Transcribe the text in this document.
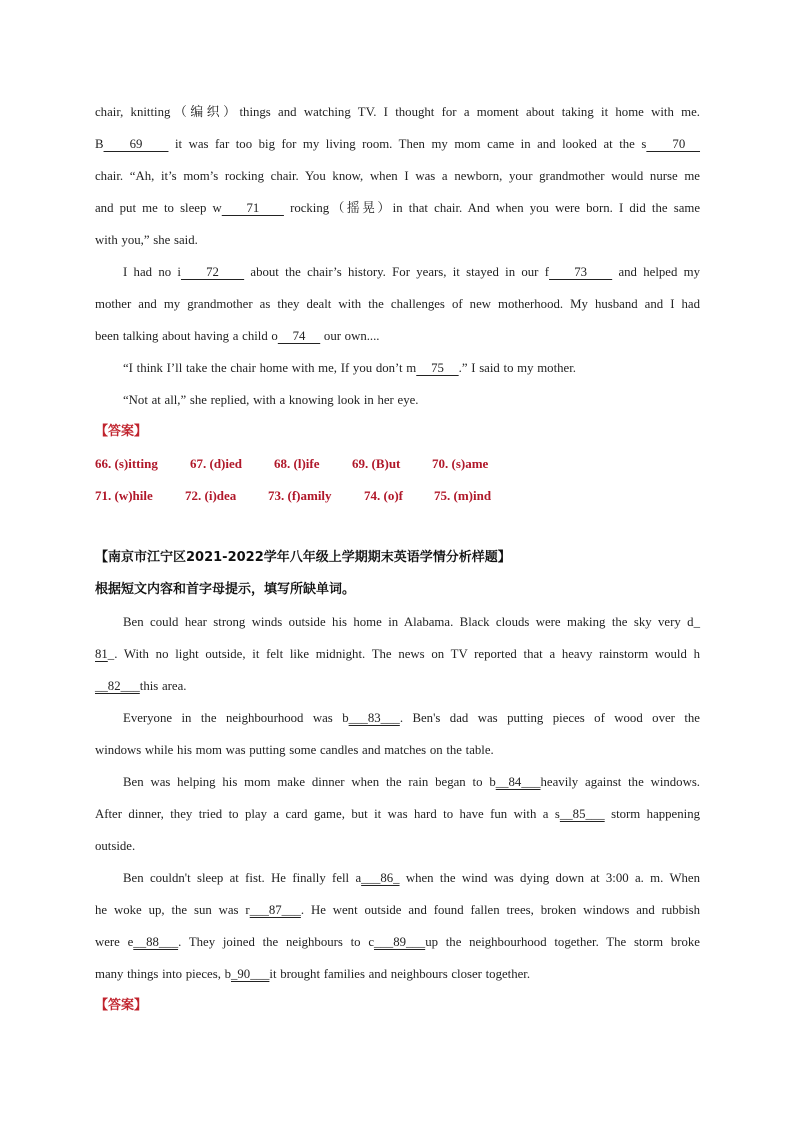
chair, knitting（编织）things and watching TV. I thought for a moment about taking it home with me.

B    69     it was far too big for my living room. Then my mom came in and looked at the s    70

chair. “Ah, it’s mom’s rocking chair. You know, when I was a newborn, your grandmother would nurse me

and put me to sleep w    71     rocking（摇晃）in that chair. And when you were born. I did the same

with you,” she said.

I had no i    72     about the chair’s history. For years, it stayed in our f    73     and helped my

mother and my grandmother as they dealt with the challenges of new motherhood. My husband and I had

been talking about having a child o    74     our own....

“I think I’ll take the chair home with me, If you don’t m    75    .” I said to my mother.

“Not at all,” she replied, with a knowing look in her eye.

【答案】
66. (s)itting	67. (d)ied	68. (l)ife	69. (B)ut	70. (s)ame
71. (w)hile	72. (i)dea	73. (f)amily	74. (o)f	75. (m)ind
【南京市江宁区2021-2022学年八年级上学期期末英语学情分析样题】
根据短文内容和首字母提示，填写所缺单词。

Ben could hear strong winds outside his home in Alabama. Black clouds were making the sky very d_

81_. With no light outside, it felt like midnight. The news on TV reported that a heavy rainstorm would h

__82___this area.

Everyone in the neighbourhood was b___83___. Ben's dad was putting pieces of wood over the

windows while his mom was putting some candles and matches on the table.

Ben was helping his mom make dinner when the rain began to b__84___heavily against the windows.

After dinner, they tried to play a card game, but it was hard to have fun with a s__85___ storm happening

outside.

Ben couldn't sleep at fist. He finally fell a___86_ when the wind was dying down at 3:00 a. m. When

he woke up, the sun was r___87___. He went outside and found fallen trees, broken windows and rubbish

were e__88___. They joined the neighbours to c___89___up the neighbourhood together. The storm broke

many things into pieces, b_90___it brought families and neighbours closer together.

【答案】
